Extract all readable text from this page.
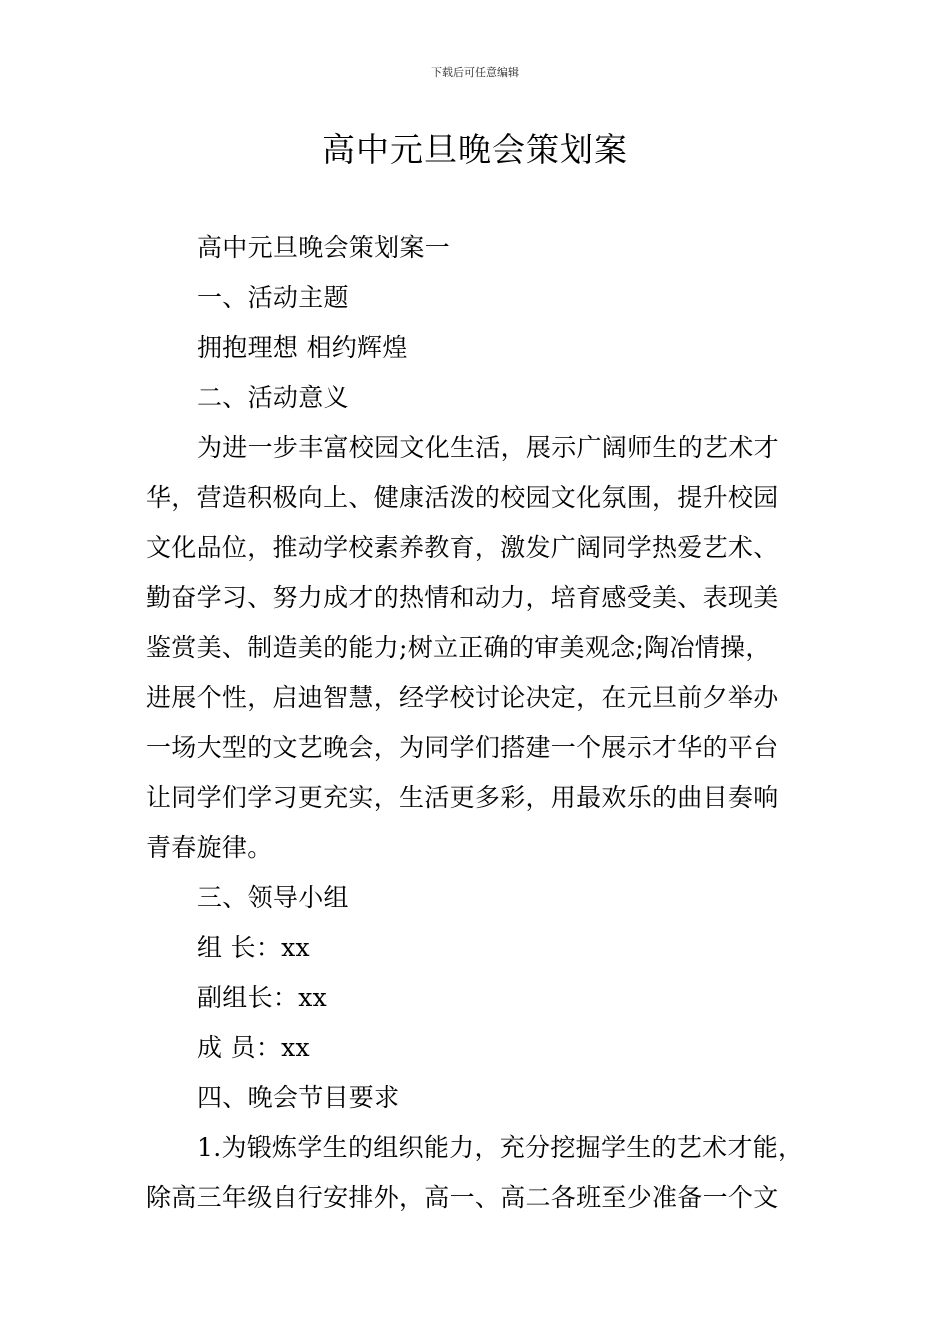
下载后可任意编辑
高中元旦晚会策划案
高中元旦晚会策划案一
一、活动主题
拥抱理想 相约辉煌
二、活动意义
为进一步丰富校园文化生活，展示广阔师生的艺术才
华，营造积极向上、健康活泼的校园文化氛围，提升校园
文化品位，推动学校素养教育，激发广阔同学热爱艺术、
勤奋学习、努力成才的热情和动力，培育感受美、表现美
鉴赏美、制造美的能力;树立正确的审美观念;陶冶情操，
进展个性，启迪智慧，经学校讨论决定，在元旦前夕举办
一场大型的文艺晚会，为同学们搭建一个展示才华的平台
让同学们学习更充实，生活更多彩，用最欢乐的曲目奏响
青春旋律。
三、领导小组
组 长：xx
副组长：xx
成 员：xx
四、晚会节目要求
1.为锻炼学生的组织能力，充分挖掘学生的艺术才能，
除高三年级自行安排外，高一、高二各班至少准备一个文
